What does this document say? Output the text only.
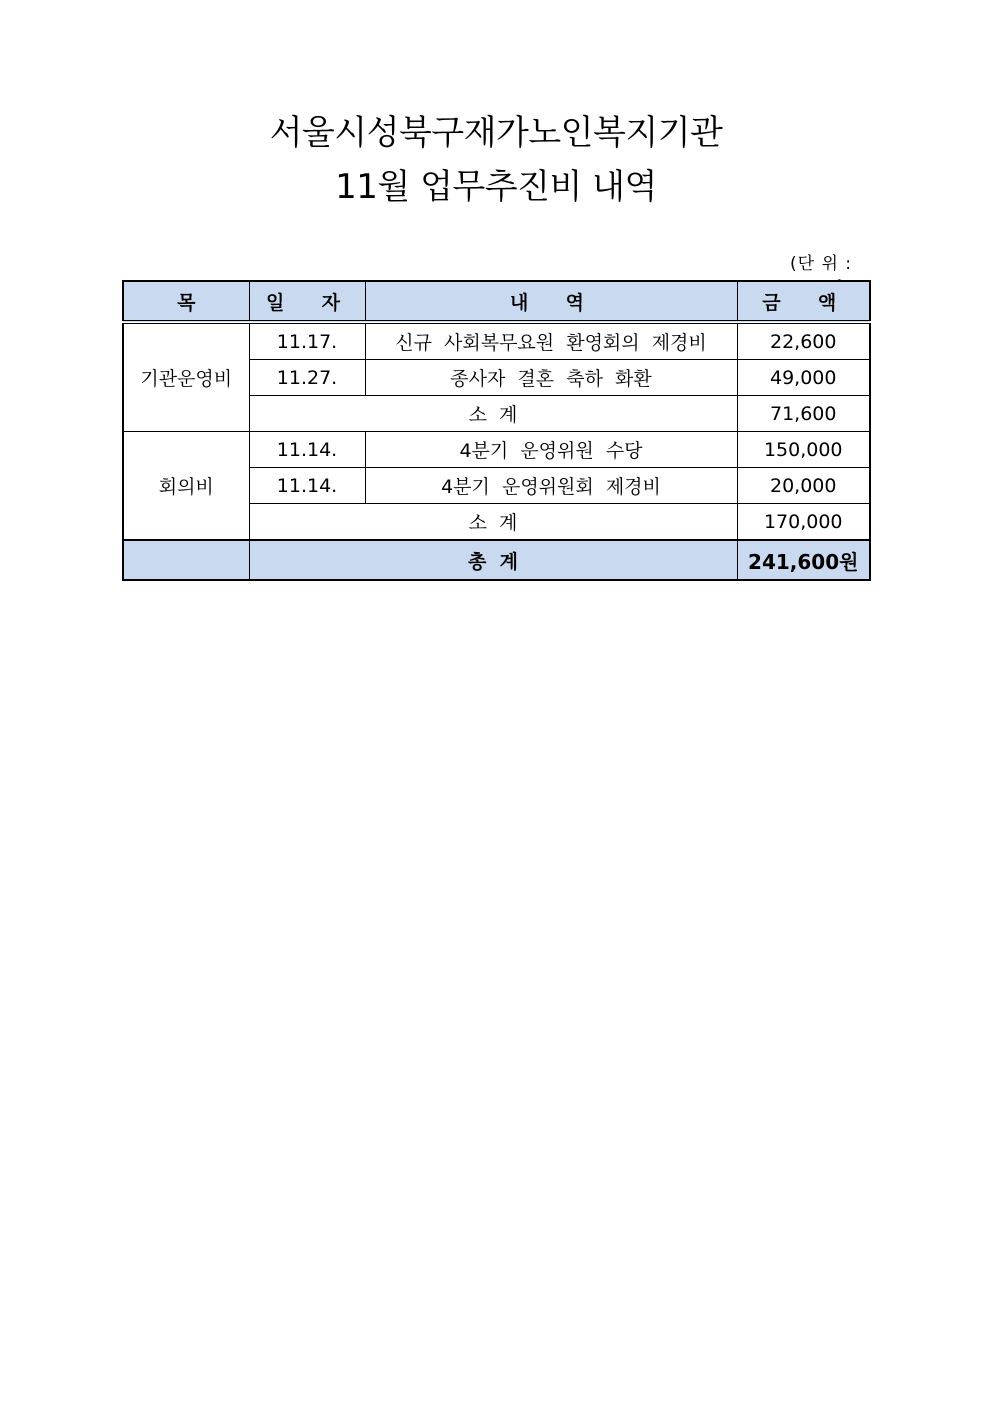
서울시성북구재가노인복지기관
11월 업무추진비 내역
(단 위 :
목	일  자	내  역	금  액
기관운영비	11.17.	신규  사회복무요원  환영회의  제경비	22,600
	11.27.	종사자  결혼  축하  화환	49,000
	소  계		71,600
회의비	11.14.	4분기  운영위원  수당	150,000
	11.14.	4분기  운영위원회  제경비	20,000
	소  계		170,000
	총  계		241,600원
